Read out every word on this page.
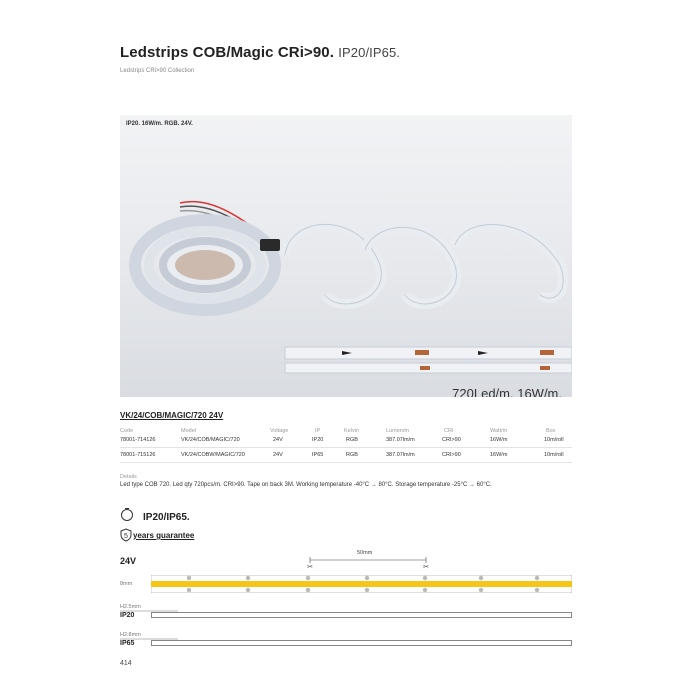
Ledstrips COB/Magic CRi>90. IP20/IP65.
Ledstrips CRi>90 Collection
IP20. 16W/m. RGB. 24V.
720Led/m. 16W/m.
VK/24/COB/MAGIC/720 24V
Code	Model	Voltage	IP	Kelvin	Lumen/m	CRI	Watt/m	Box
78001-714126	VK/24/COB/MAGIC/720	24V	IP20	RGB	387.07lm/m	CRI>90	16W/m	10m/roll
78001-715126	VK/24/COBW/MAGIC/720	24V	IP65	RGB	387.07lm/m	CRI>90	16W/m	10m/roll
Details
Led type COB 720. Led qty 720pcs/m. CRI>90. Tape on back 3M. Working temperature -40°C → 80°C. Storage temperature -25°C → 60°C.
IP20/IP65.
5 years guarantee
24V
50mm
✂	✂
8mm
H2.5mm
IP20
H2.8mm
IP65
414
